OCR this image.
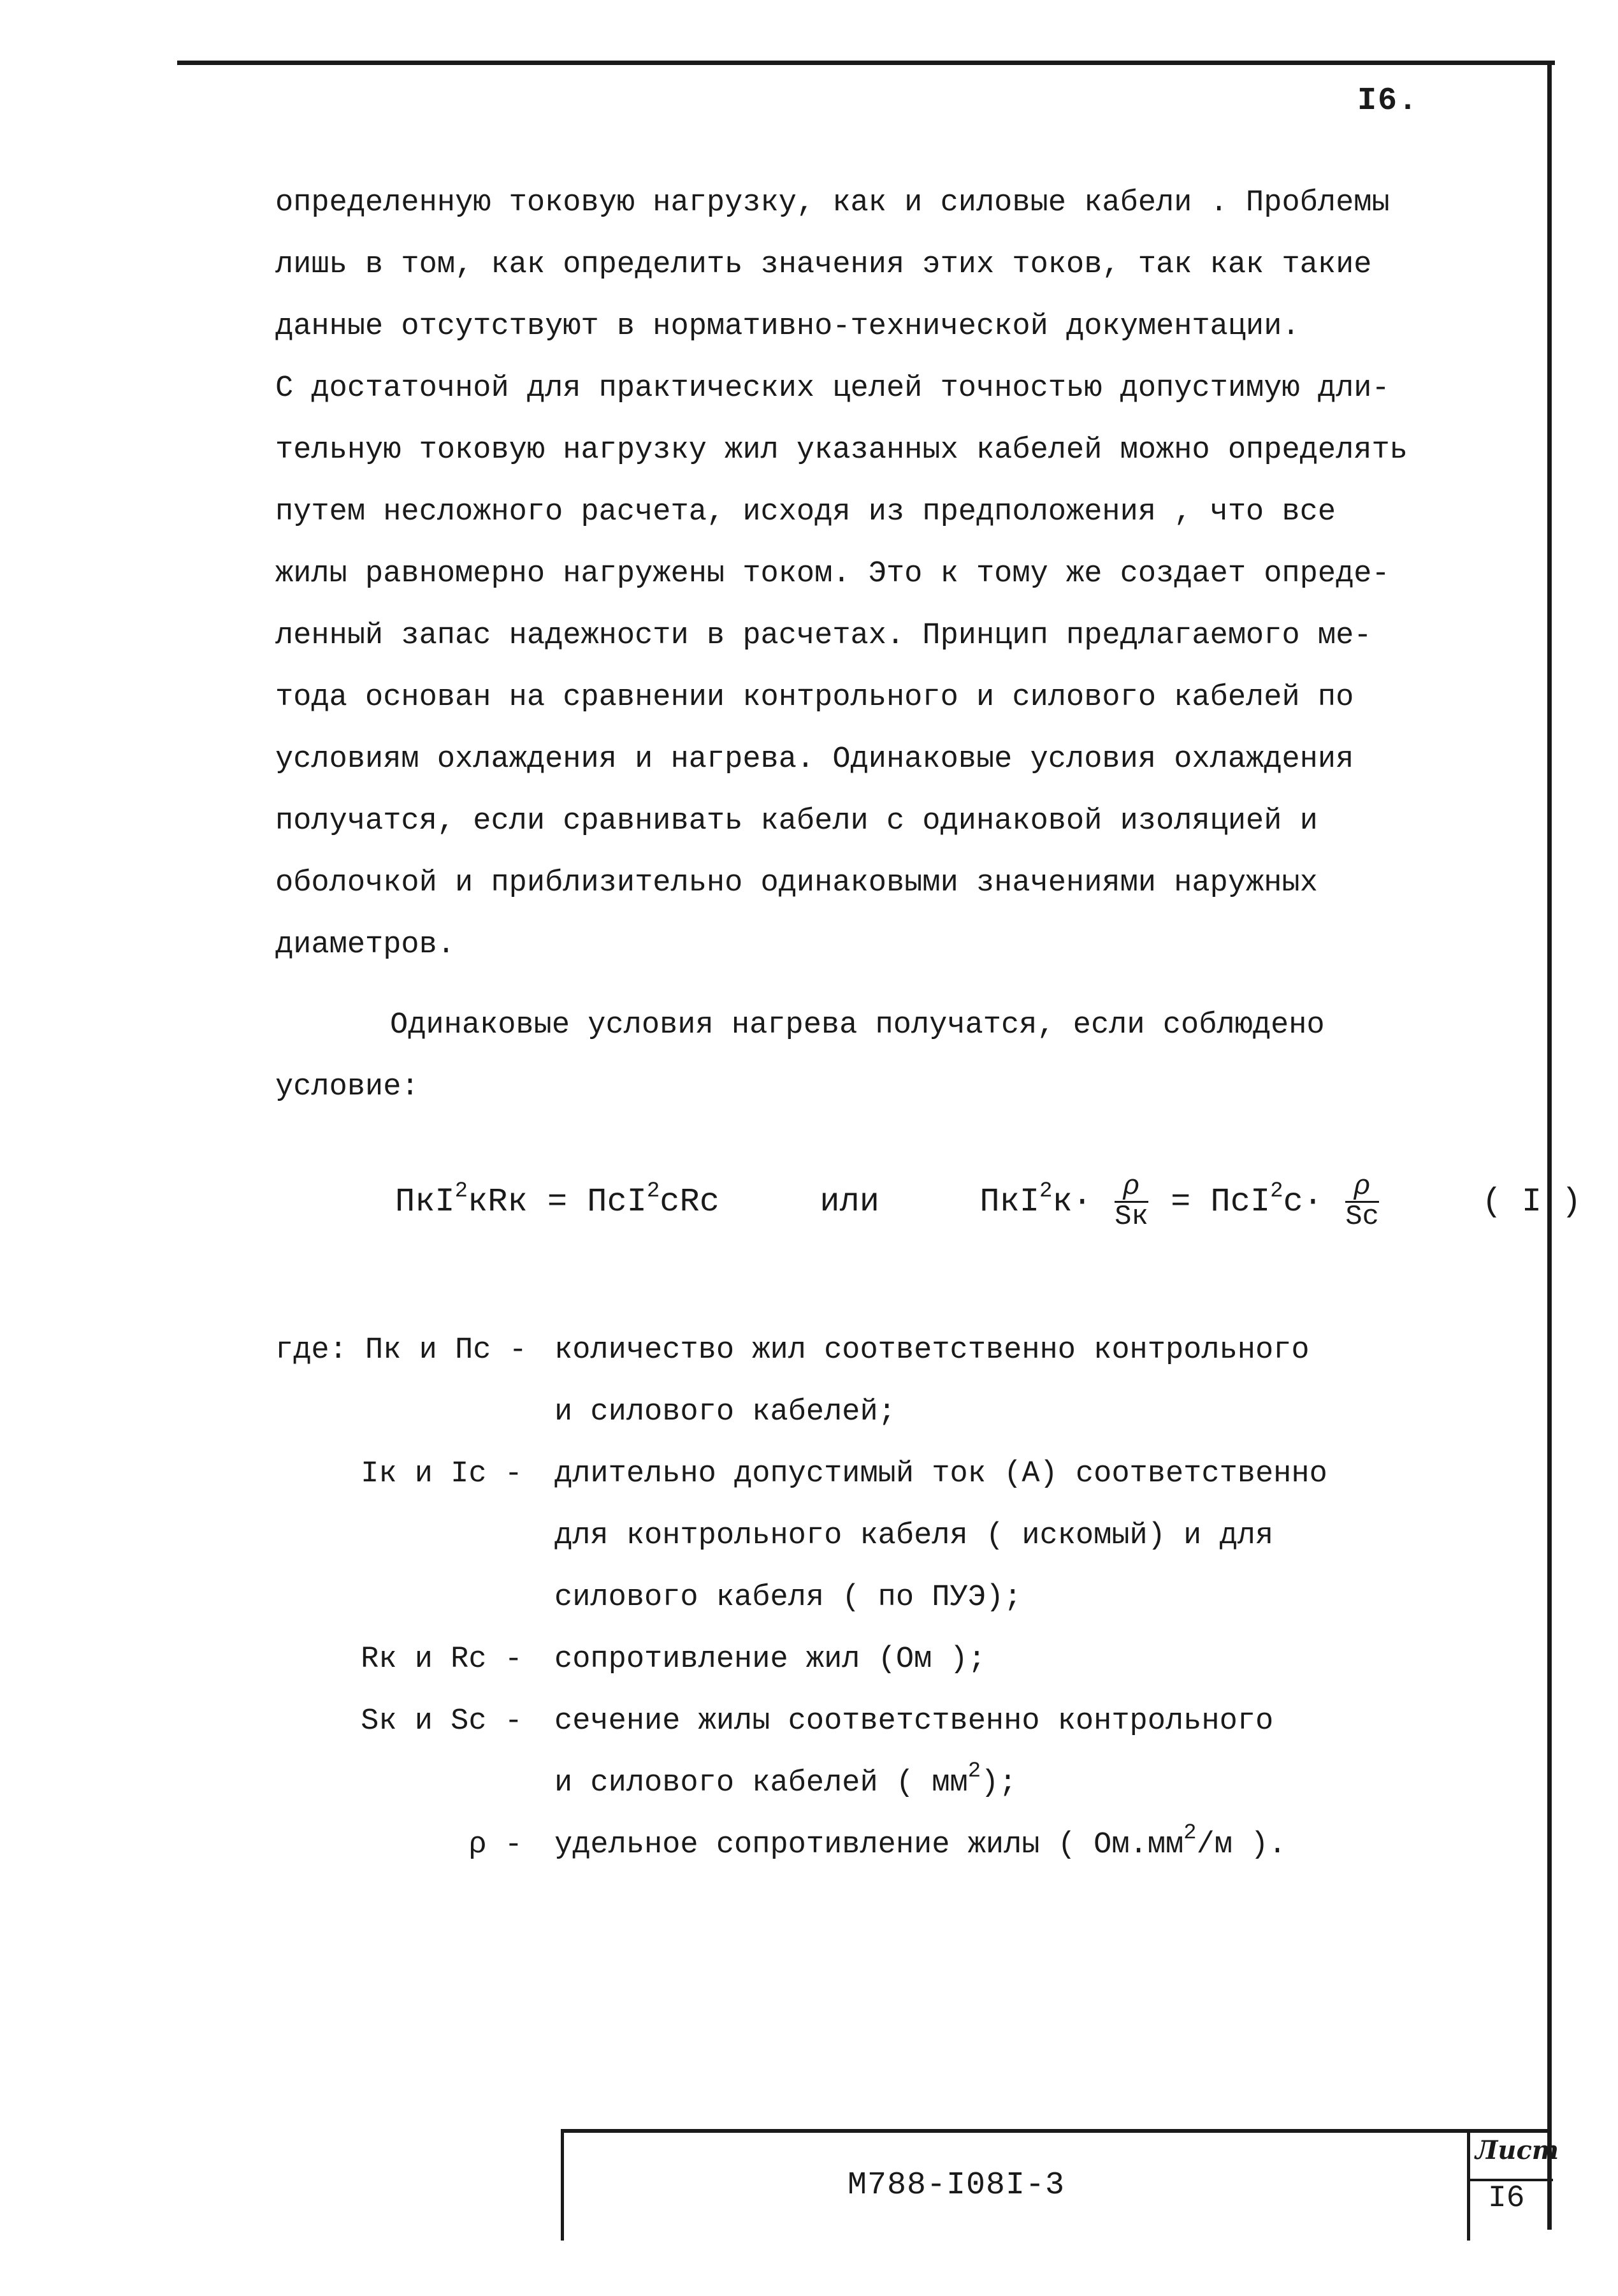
I6.
определенную токовую нагрузку, как и силовые кабели . Проблемы
лишь в том, как определить значения этих токов, так как такие
данные отсутствуют в нормативно-технической документации.
С достаточной для практических целей точностью допустимую дли-
тельную токовую нагрузку жил указанных кабелей можно определять
путем несложного расчета, исходя из предположения , что все
жилы равномерно нагружены током. Это к тому же создает опреде-
ленный запас надежности в расчетах. Принцип предлагаемого ме-
тода основан на сравнении контрольного и силового кабелей по
условиям охлаждения и нагрева. Одинаковые условия охлаждения
получатся, если сравнивать кабели с одинаковой изоляцией и
оболочкой и приблизительно одинаковыми значениями наружных
диаметров.
Одинаковые условия нагрева получатся, если соблюдено
условие:
ПкI$^2$кRк = ПсI$^2$сRс	или	$ПкI^2к\cdot \frac{\rho}{Sк} = ПсI^2с\cdot \frac{\rho}{Sс}$	( I )
где: Пк и Пс - количество жил соответственно контрольного
и силового кабелей;
Iк и Iс -	длительно допустимый ток (А) соответственно
для контрольного кабеля ( искомый) и для
силового кабеля ( по ПУЭ);
Rк и Rс -	сопротивление жил (Ом );
Sк и Sс -	сечение жилы соответственно контрольного
и силового кабелей ( $мм^2$);
ρ -	удельное сопротивление жилы ( $Ом.мм^2/м$ ).
М788-I08I-3
Лист
I6
